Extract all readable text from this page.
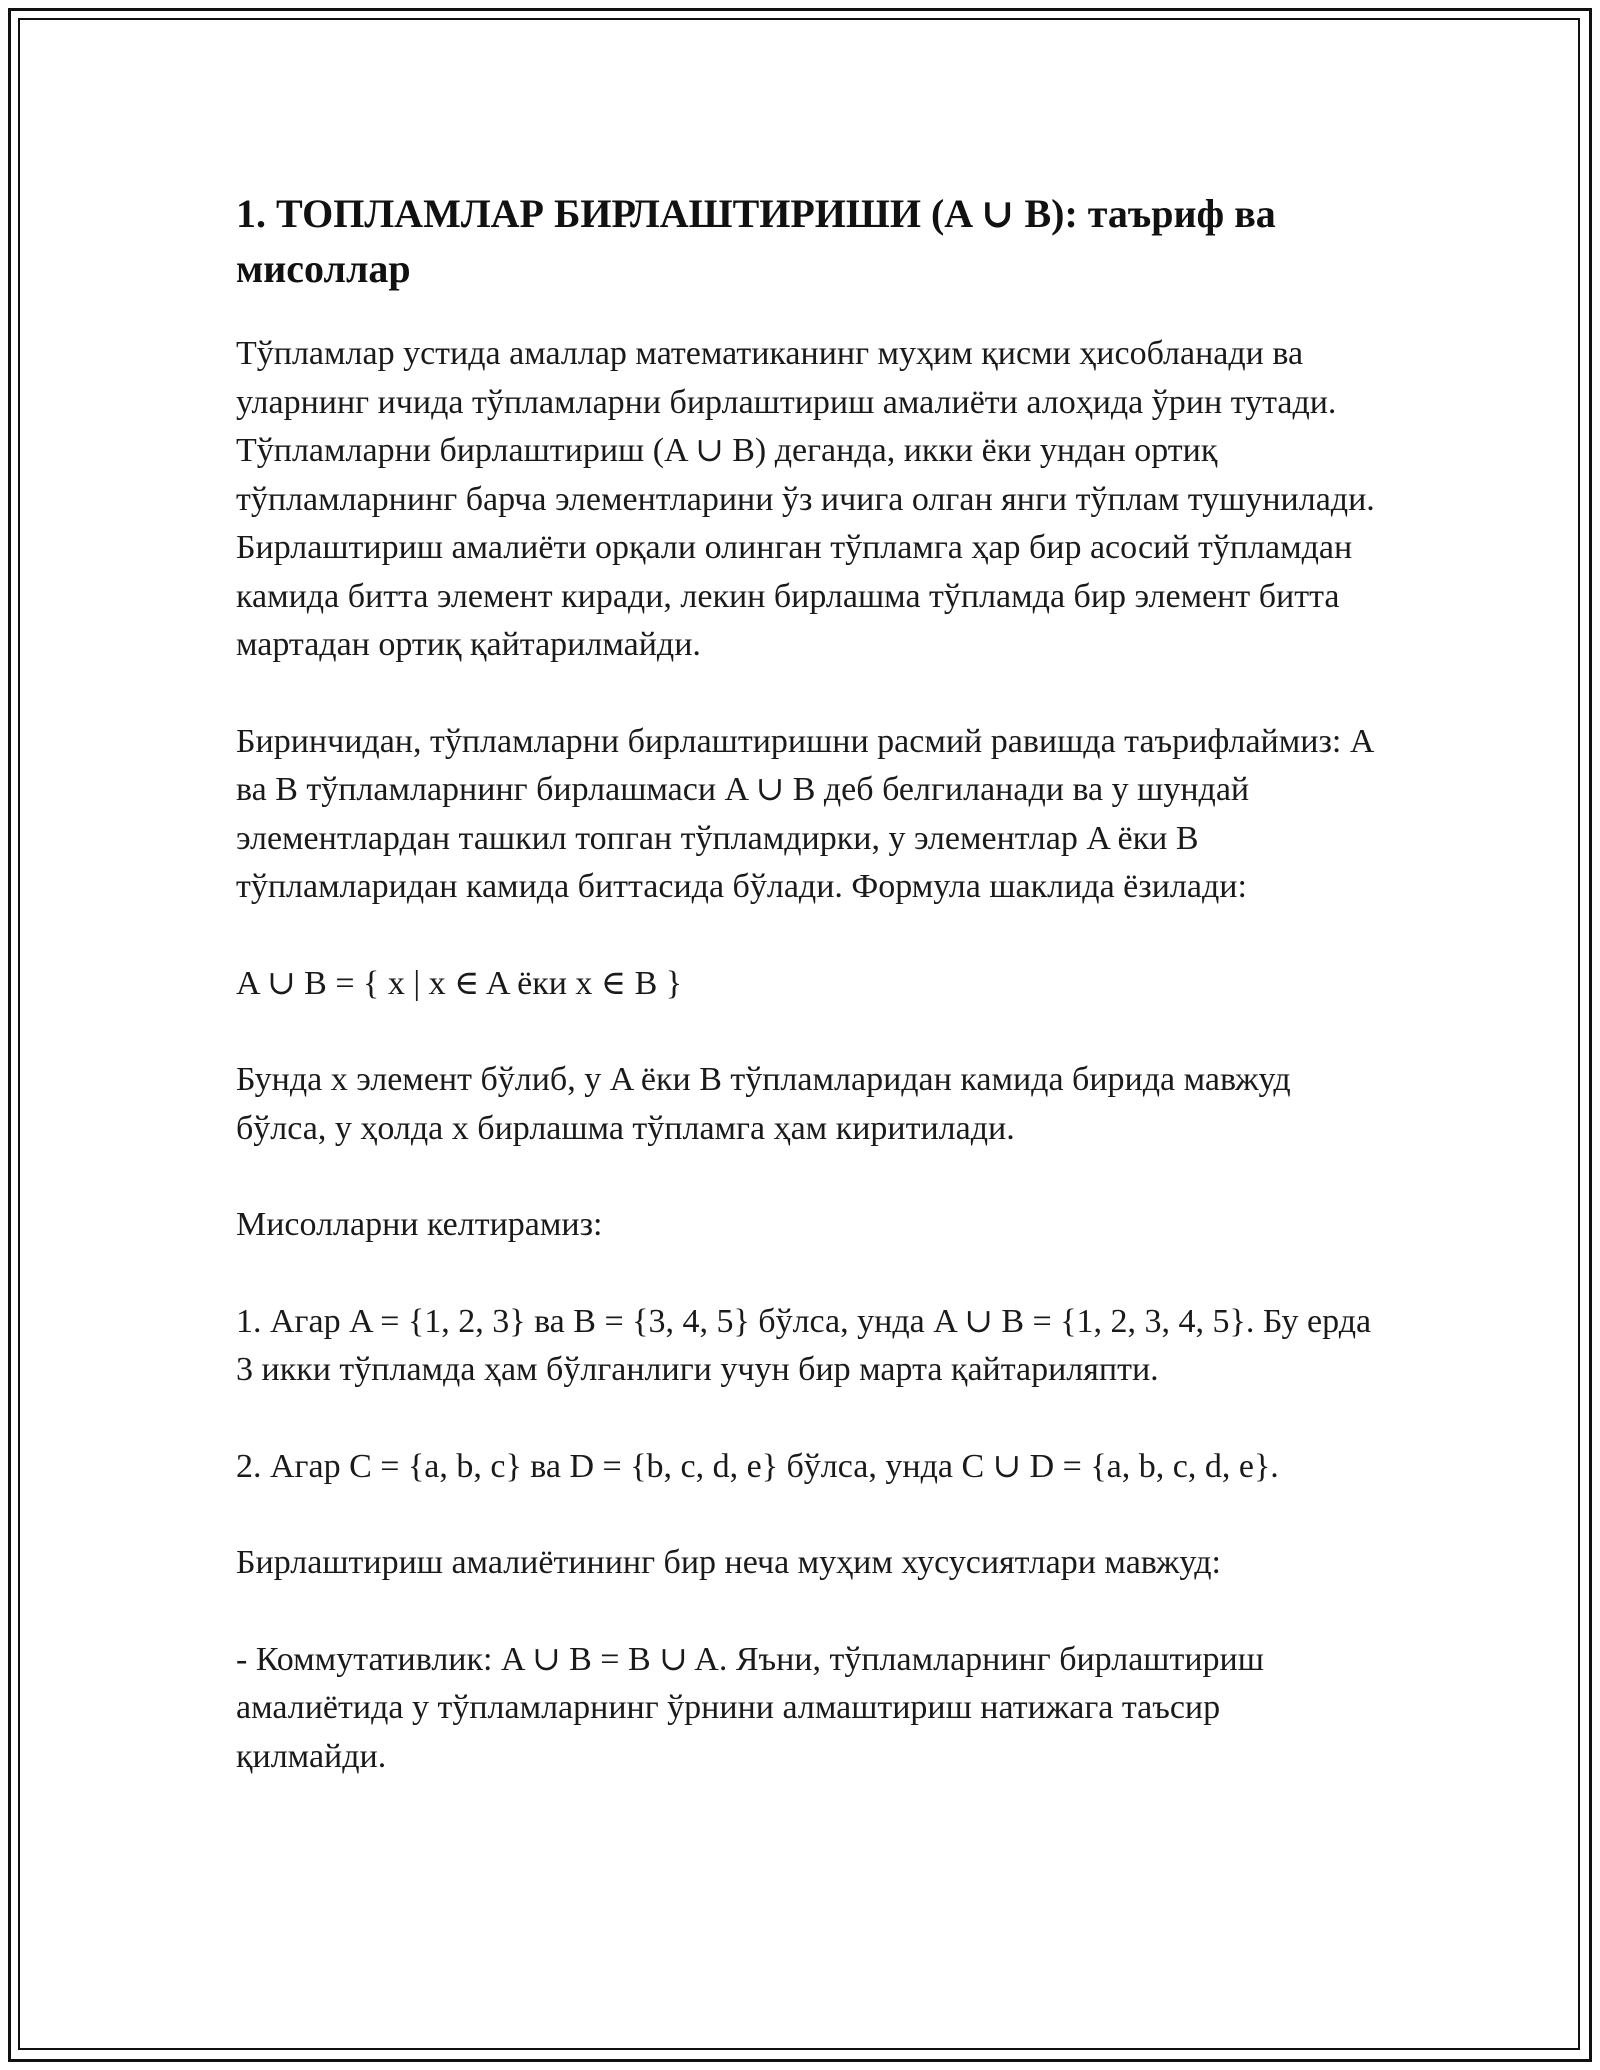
1. ТОПЛАМЛАР БИРЛАШТИРИШИ (A ∪ B): таъриф ва мисоллар

Тўпламлар устида амаллар математиканинг муҳим қисми ҳисобланади ва уларнинг ичида тўпламларни бирлаштириш амалиёти алоҳида ўрин тутади. Тўпламларни бирлаштириш (A ∪ B) деганда, икки ёки ундан ортиқ тўпламларнинг барча элементларини ўз ичига олган янги тўплам тушунилади. Бирлаштириш амалиёти орқали олинган тўпламга ҳар бир асосий тўпламдан камида битта элемент киради, лекин бирлашма тўпламда бир элемент битта мартадан ортиқ қайтарилмайди.

Биринчидан, тўпламларни бирлаштиришни расмий равишда таърифлаймиз: A ва B тўпламларнинг бирлашмаси A ∪ B деб белгиланади ва у шундай элементлардан ташкил топган тўпламдирки, у элементлар A ёки B тўпламларидан камида биттасида бўлади. Формула шаклида ёзилади:

A ∪ B = { x | x ∈ A ёки x ∈ B }

Бунда x элемент бўлиб, у A ёки B тўпламларидан камида бирида мавжуд бўлса, у ҳолда x бирлашма тўпламга ҳам киритилади.

Мисолларни келтирамиз:

1. Агар A = {1, 2, 3} ва B = {3, 4, 5} бўлса, унда A ∪ B = {1, 2, 3, 4, 5}. Бу ерда 3 икки тўпламда ҳам бўлганлиги учун бир марта қайтариляпти.

2. Агар C = {a, b, c} ва D = {b, c, d, e} бўлса, унда C ∪ D = {a, b, c, d, e}.

Бирлаштириш амалиётининг бир неча муҳим хусусиятлари мавжуд:

- Коммутативлик: A ∪ B = B ∪ A. Яъни, тўпламларнинг бирлаштириш амалиётида у тўпламларнинг ўрнини алмаштириш натижага таъсир қилмайди.
